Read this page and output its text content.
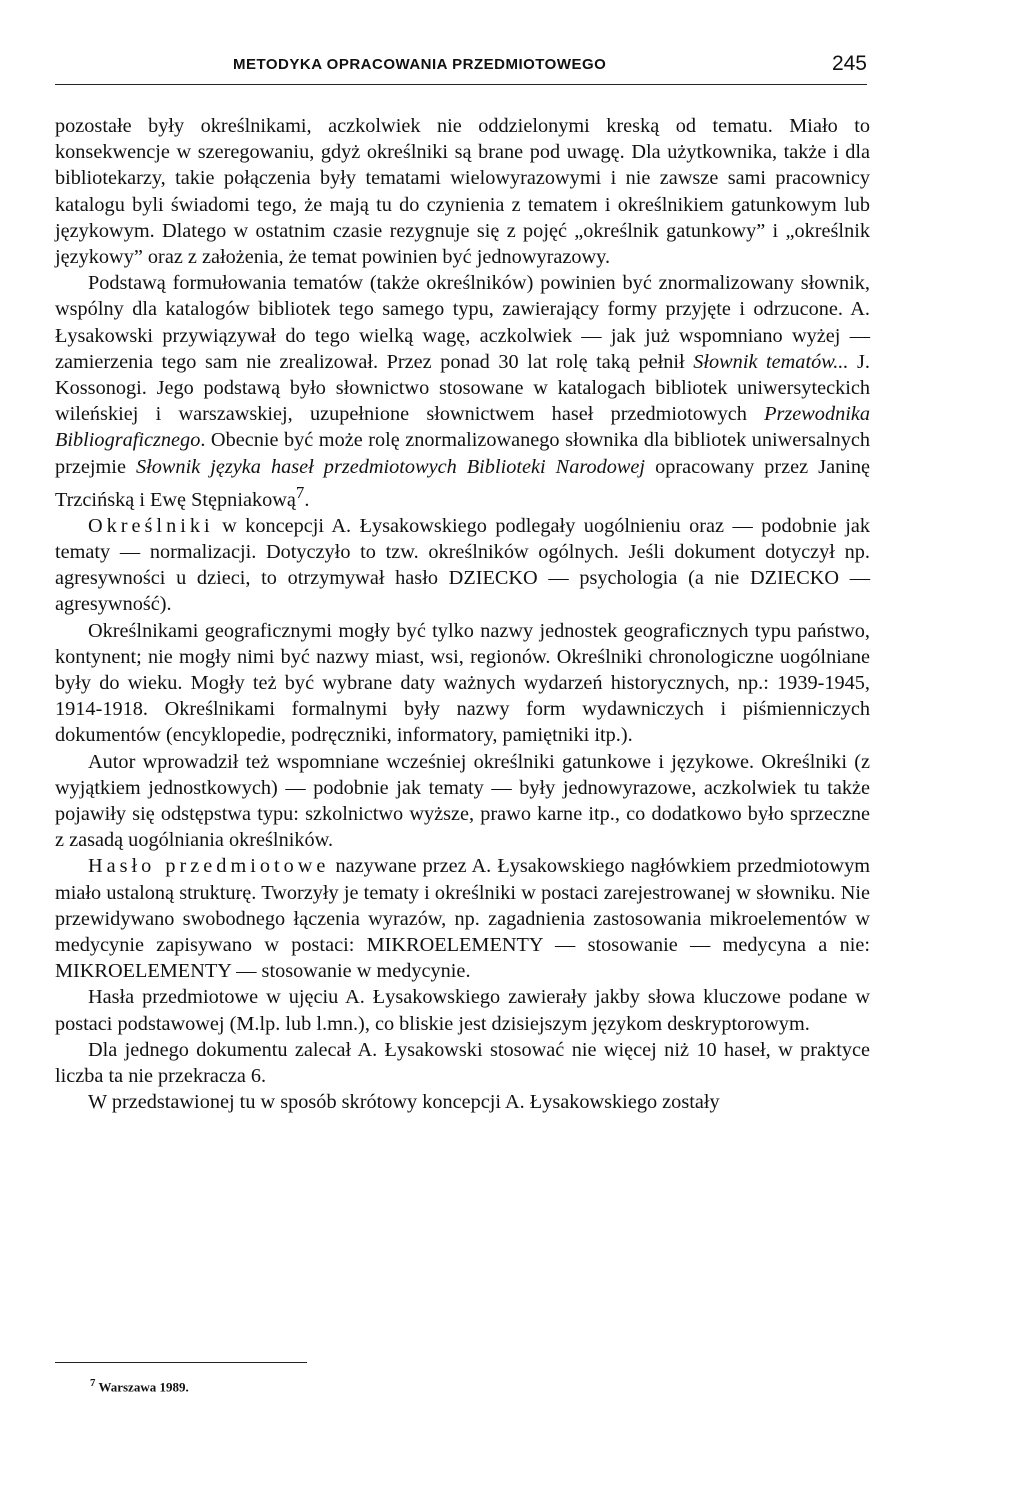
METODYKA OPRACOWANIA PRZEDMIOTOWEGO	245

pozostałe były określnikami, aczkolwiek nie oddzielonymi kreską od tematu. Miało to konsekwencje w szeregowaniu, gdyż określniki są brane pod uwagę. Dla użytkownika, także i dla bibliotekarzy, takie połączenia były tematami wielowyrazowymi i nie zawsze sami pracownicy katalogu byli świadomi tego, że mają tu do czynienia z tematem i określnikiem gatunkowym lub językowym. Dlatego w ostatnim czasie rezygnuje się z pojęć „określnik gatunkowy” i „określnik językowy” oraz z założenia, że temat powinien być jednowyrazowy.

Podstawą formułowania tematów (także określników) powinien być znormalizowany słownik, wspólny dla katalogów bibliotek tego samego typu, zawierający formy przyjęte i odrzucone. A. Łysakowski przywiązywał do tego wielką wagę, aczkolwiek — jak już wspomniano wyżej — zamierzenia tego sam nie zrealizował. Przez ponad 30 lat rolę taką pełnił Słownik tematów... J. Kossonogi. Jego podstawą było słownictwo stosowane w katalogach bibliotek uniwersyteckich wileńskiej i warszawskiej, uzupełnione słownictwem haseł przedmiotowych Przewodnika Bibliograficznego. Obecnie być może rolę znormalizowanego słownika dla bibliotek uniwersalnych przejmie Słownik języka haseł przedmiotowych Biblioteki Narodowej opracowany przez Janinę Trzcińską i Ewę Stępniakową$^7$.

Określniki w koncepcji A. Łysakowskiego podlegały uogólnieniu oraz — podobnie jak tematy — normalizacji. Dotyczyło to tzw. określników ogólnych. Jeśli dokument dotyczył np. agresywności u dzieci, to otrzymywał hasło DZIECKO — psychologia (a nie DZIECKO — agresywność).

Określnikami geograficznymi mogły być tylko nazwy jednostek geograficznych typu państwo, kontynent; nie mogły nimi być nazwy miast, wsi, regionów. Określniki chronologiczne uogólniane były do wieku. Mogły też być wybrane daty ważnych wydarzeń historycznych, np.: 1939-1945, 1914-1918. Określnikami formalnymi były nazwy form wydawniczych i piśmienniczych dokumentów (encyklopedie, podręczniki, informatory, pamiętniki itp.).

Autor wprowadził też wspomniane wcześniej określniki gatunkowe i językowe. Określniki (z wyjątkiem jednostkowych) — podobnie jak tematy — były jednowyrazowe, aczkolwiek tu także pojawiły się odstępstwa typu: szkolnictwo wyższe, prawo karne itp., co dodatkowo było sprzeczne z zasadą uogólniania określników.

Hasło przedmiotowe nazywane przez A. Łysakowskiego nagłówkiem przedmiotowym miało ustaloną strukturę. Tworzyły je tematy i określniki w postaci zarejestrowanej w słowniku. Nie przewidywano swobodnego łączenia wyrazów, np. zagadnienia zastosowania mikroelementów w medycynie zapisywano w postaci: MIKROELEMENTY — stosowanie — medycyna a nie: MIKROELEMENTY — stosowanie w medycynie.

Hasła przedmiotowe w ujęciu A. Łysakowskiego zawierały jakby słowa kluczowe podane w postaci podstawowej (M.lp. lub l.mn.), co bliskie jest dzisiejszym językom deskryptorowym.

Dla jednego dokumentu zalecał A. Łysakowski stosować nie więcej niż 10 haseł, w praktyce liczba ta nie przekracza 6.

W przedstawionej tu w sposób skrótowy koncepcji A. Łysakowskiego zostały

$^7$ Warszawa 1989.
